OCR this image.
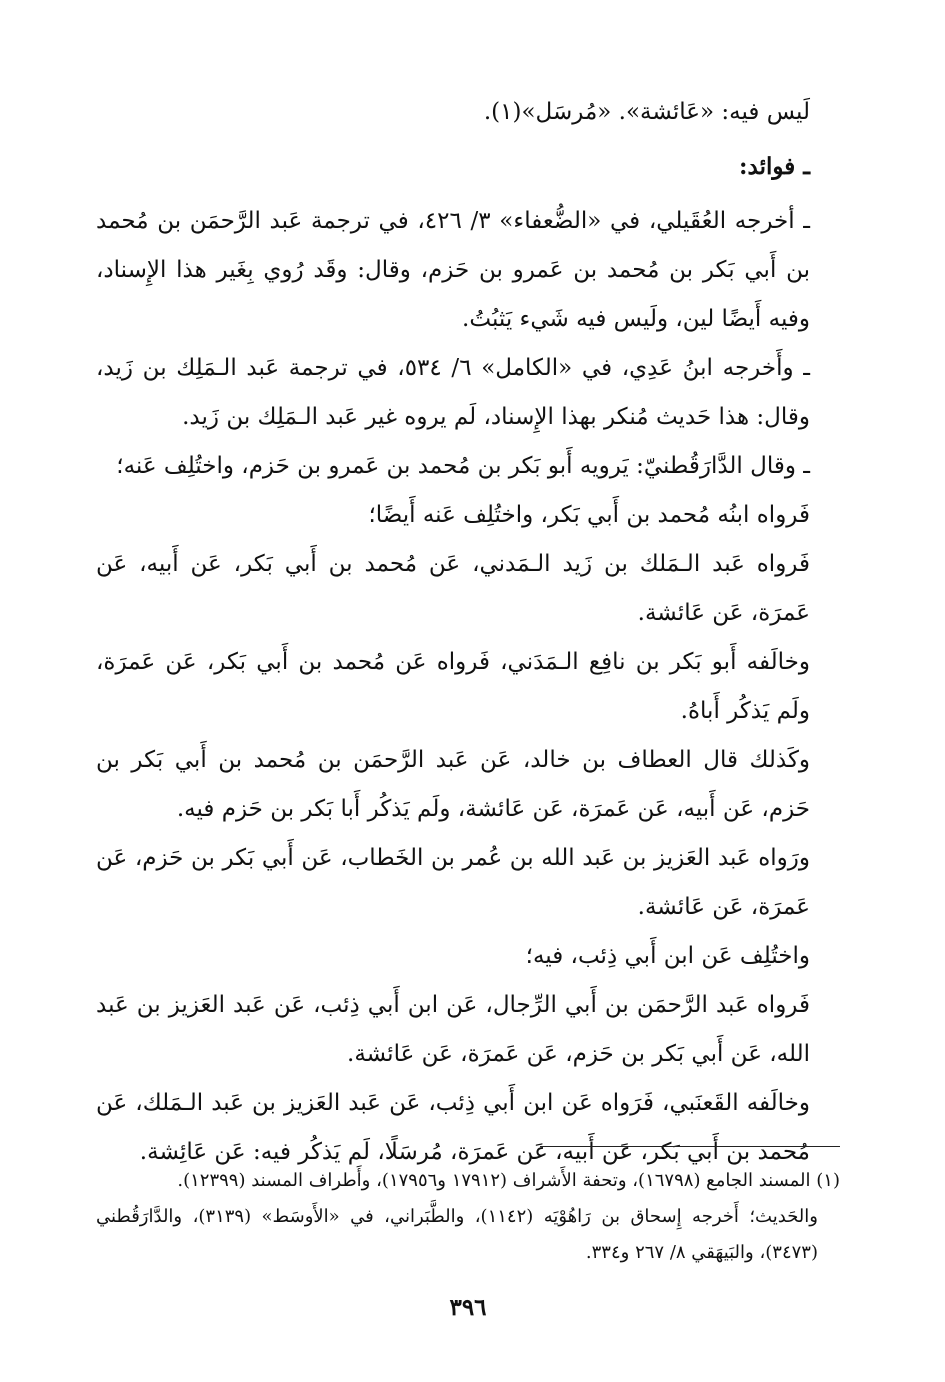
لَيس فيه: «عَائشة». «مُرسَل»(١).

ـ فوائد:

ـ أخرجه العُقَيلي، في «الضُّعفاء» ٣/ ٤٢٦، في ترجمة عَبد الرَّحمَن بن مُحمد بن أَبي بَكر بن مُحمد بن عَمرو بن حَزم، وقال: وقَد رُوي بِغَير هذا الإِسناد، وفيه أَيضًا لين، ولَيس فيه شَيء يَثبُتُ.

ـ وأَخرجه ابنُ عَدِي، في «الكامل» ٦/ ٥٣٤، في ترجمة عَبد الـمَلِك بن زَيد، وقال: هذا حَديث مُنكر بهذا الإِسناد، لَم يروه غير عَبد الـمَلِك بن زَيد.

ـ وقال الدَّارَقُطنيّ: يَرويه أَبو بَكر بن مُحمد بن عَمرو بن حَزم، واختُلِف عَنه؛

فَرواه ابنُه مُحمد بن أَبي بَكر، واختُلِف عَنه أَيضًا؛

فَرواه عَبد الـمَلك بن زَيد الـمَدني، عَن مُحمد بن أَبي بَكر، عَن أَبيه، عَن عَمرَة، عَن عَائشة.

وخالَفه أَبو بَكر بن نافِع الـمَدَني، فَرواه عَن مُحمد بن أَبي بَكر، عَن عَمرَة، ولَم يَذكُر أَباهُ.

وكَذلك قال العطاف بن خالد، عَن عَبد الرَّحمَن بن مُحمد بن أَبي بَكر بن حَزم، عَن أَبيه، عَن عَمرَة، عَن عَائشة، ولَم يَذكُر أَبا بَكر بن حَزم فيه.

ورَواه عَبد العَزيز بن عَبد الله بن عُمر بن الخَطاب، عَن أَبي بَكر بن حَزم، عَن عَمرَة، عَن عَائشة.

واختُلِف عَن ابن أَبي ذِئب، فيه؛

فَرواه عَبد الرَّحمَن بن أَبي الرِّجال، عَن ابن أَبي ذِئب، عَن عَبد العَزيز بن عَبد الله، عَن أَبي بَكر بن حَزم، عَن عَمرَة، عَن عَائشة.

وخالَفه القَعنَبي، فَرَواه عَن ابن أَبي ذِئب، عَن عَبد العَزيز بن عَبد الـمَلك، عَن مُحمد بن أَبي بَكر، عَن أَبيه، عَن عَمرَة، مُرسَلًا، لَم يَذكُر فيه: عَن عَائِشة.

(١) المسند الجامع (١٦٧٩٨)، وتحفة الأَشراف (١٧٩١٢ و١٧٩٥٦)، وأَطراف المسند (١٢٣٩٩).

والحَديث؛ أَخرجه إِسحاق بن رَاهُوْيَه (١١٤٢)، والطَّبَراني، في «الأَوسَط» (٣١٣٩)، والدَّارَقُطني (٣٤٧٣)، والبَيهَقي ٨/ ٢٦٧ و٣٣٤.

٣٩٦
